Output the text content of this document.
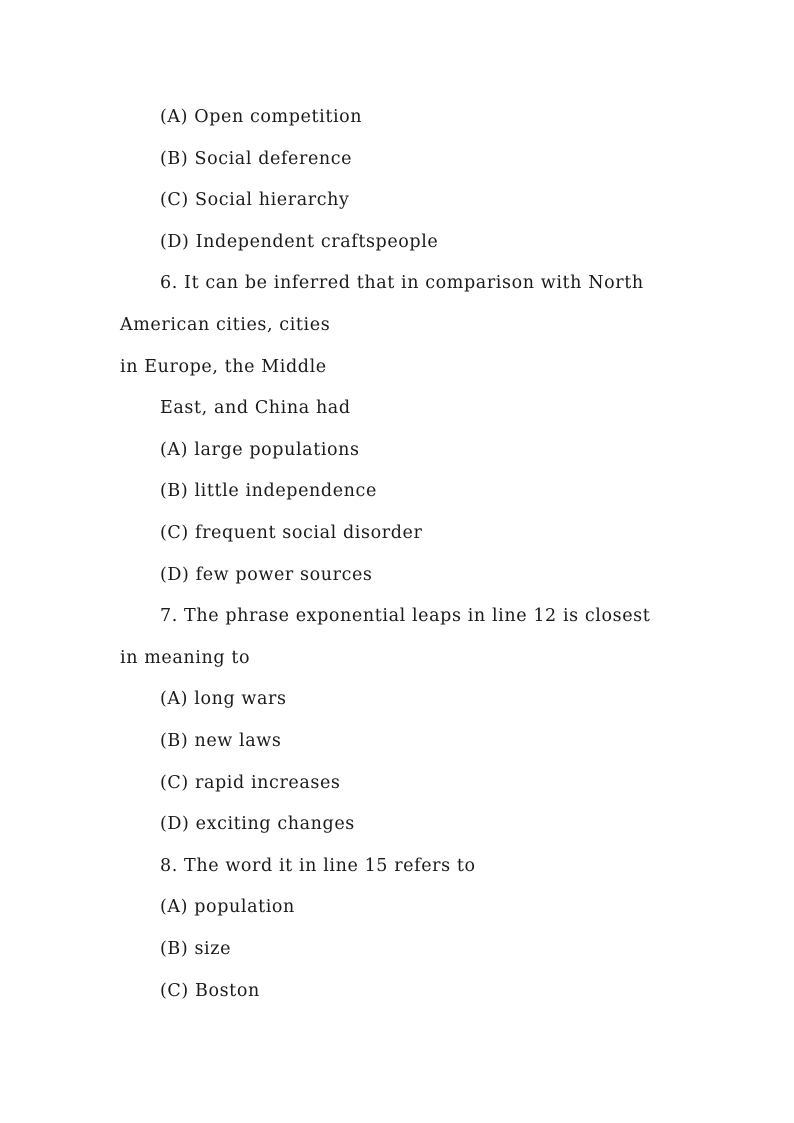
(A) Open competition
(B) Social deference
(C) Social hierarchy
(D) Independent craftspeople
6. It can be inferred that in comparison with North
American cities, cities
in Europe, the Middle
East, and China had
(A) large populations
(B) little independence
(C) frequent social disorder
(D) few power sources
7. The phrase exponential leaps in line 12 is closest
in meaning to
(A) long wars
(B) new laws
(C) rapid increases
(D) exciting changes
8. The word it in line 15 refers to
(A) population
(B) size
(C) Boston
